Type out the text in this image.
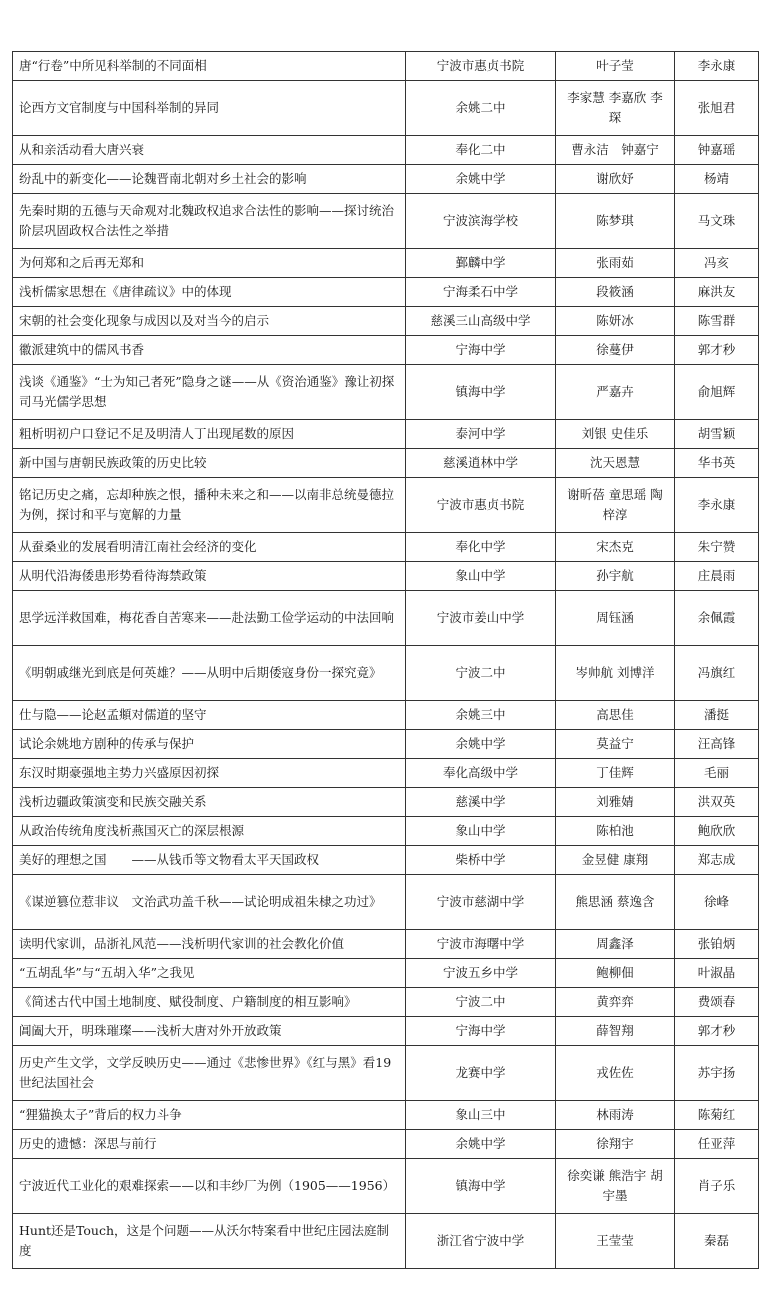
唐“行卷”中所见科举制的不同面相	宁波市惠贞书院	叶子莹	李永康
论西方文官制度与中国科举制的异同	余姚二中	李家慧 李嘉欣 李琛	张旭君
从和亲活动看大唐兴衰	奉化二中	曹永洁　钟嘉宁	钟嘉瑶
纷乱中的新变化——论魏晋南北朝对乡土社会的影响	余姚中学	谢欣妤	杨靖
先秦时期的五德与天命观对北魏政权追求合法性的影响——探讨统治阶层巩固政权合法性之举措	宁波滨海学校	陈梦琪	马文珠
为何郑和之后再无郑和	鄞麟中学	张雨茹	冯亥
浅析儒家思想在《唐律疏议》中的体现	宁海柔石中学	段筱涵	麻洪友
宋朝的社会变化现象与成因以及对当今的启示	慈溪三山高级中学	陈妍冰	陈雪群
徽派建筑中的儒风书香	宁海中学	徐蔓伊	郭才秒
浅谈《通鉴》“士为知己者死”隐身之谜——从《资治通鉴》豫让初探司马光儒学思想	镇海中学	严嘉卉	俞旭辉
粗析明初户口登记不足及明清人丁出现尾数的原因	泰河中学	刘银 史佳乐	胡雪颖
新中国与唐朝民族政策的历史比较	慈溪逍林中学	沈天恩慧	华书英
铭记历史之痛，忘却种族之恨，播种未来之和——以南非总统曼德拉为例，探讨和平与宽解的力量	宁波市惠贞书院	谢昕蓓 童思瑶 陶梓淳	李永康
从蚕桑业的发展看明清江南社会经济的变化	奉化中学	宋杰克	朱宁赞
从明代沿海倭患形势看待海禁政策	象山中学	孙宇航	庄晨雨
思学远洋救国难，梅花香自苦寒来——赴法勤工俭学运动的中法回响	宁波市姜山中学	周钰涵	余佩霞
《明朝戚继光到底是何英雄？——从明中后期倭寇身份一探究竟》	宁波二中	岑帅航 刘博洋	冯旗红
仕与隐——论赵孟頫对儒道的坚守	余姚三中	高思佳	潘挺
试论余姚地方剧种的传承与保护	余姚中学	莫益宁	汪高锋
东汉时期豪强地主势力兴盛原因初探	奉化高级中学	丁佳辉	毛丽
浅析边疆政策演变和民族交融关系	慈溪中学	刘雅婧	洪双英
从政治传统角度浅析燕国灭亡的深层根源	象山中学	陈柏池	鲍欣欣
美好的理想之国　　——从钱币等文物看太平天国政权	柴桥中学	金昱健 康翔	郑志成
《谋逆篡位惹非议　文治武功盖千秋——试论明成祖朱棣之功过》	宁波市慈湖中学	熊思涵 蔡逸含	徐峰
读明代家训，品浙礼风范——浅析明代家训的社会教化价值	宁波市海曙中学	周鑫泽	张铂炳
“五胡乱华”与“五胡入华”之我见	宁波五乡中学	鲍柳佃	叶淑晶
《简述古代中国土地制度、赋役制度、户籍制度的相互影响》	宁波二中	黄弈弈	费颂春
阊阖大开，明珠璀璨——浅析大唐对外开放政策	宁海中学	薛智翔	郭才秒
历史产生文学，文学反映历史——通过《悲惨世界》《红与黑》看19世纪法国社会	龙赛中学	戎佐佐	苏宇扬
“狸猫换太子”背后的权力斗争	象山三中	林雨涛	陈菊红
历史的遗憾：深思与前行	余姚中学	徐翔宇	任亚萍
宁波近代工业化的艰难探索——以和丰纱厂为例（1905——1956）	镇海中学	徐奕谦 熊浩宇 胡宇墨	肖子乐
Hunt还是Touch，这是个问题——从沃尔特案看中世纪庄园法庭制度	浙江省宁波中学	王莹莹	秦磊
